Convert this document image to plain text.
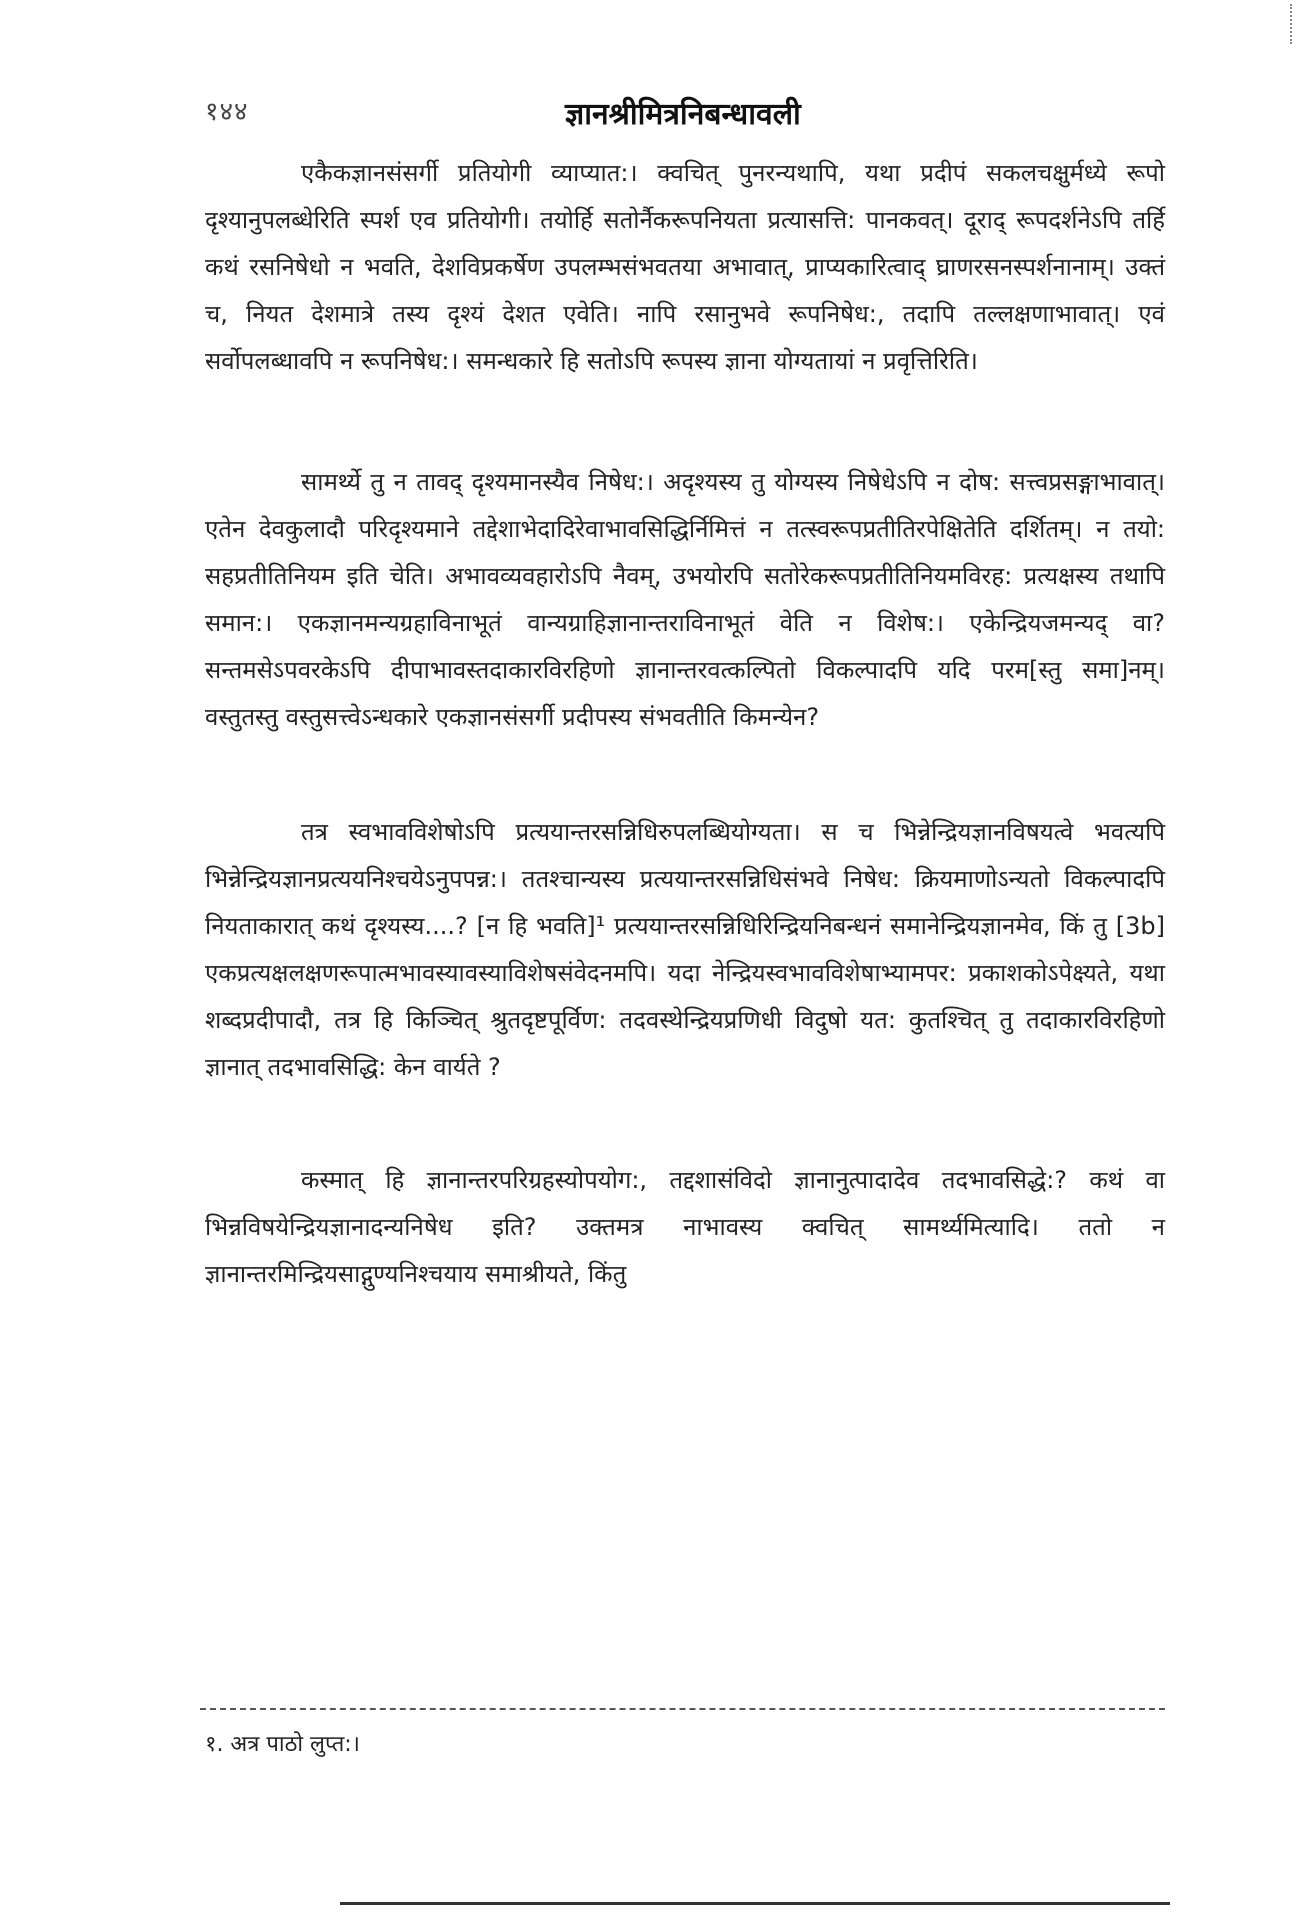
१४४	ज्ञानश्रीमित्रनिबन्धावली

एकैकज्ञानसंसर्गी प्रतियोगी व्याप्यात:। क्वचित् पुनरन्यथापि, यथा प्रदीपं सकलचक्षुर्मध्ये रूपो दृश्यानुपलब्धेरिति स्पर्श एव प्रतियोगी। तयोर्हि सतोर्नैकरूपनियता प्रत्यासत्ति: पानकवत्। दूराद् रूपदर्शनेऽपि तर्हि कथं रसनिषेधो न भवति, देशविप्रकर्षेण उपलम्भसंभवतया अभावात्, प्राप्यकारित्वाद् घ्राणरसनस्पर्शनानाम्। उक्तं च, नियत देशमात्रे तस्य दृश्यं देशत एवेति। नापि रसानुभवे रूपनिषेध:, तदापि तल्लक्षणाभावात्। एवं सर्वोपलब्धावपि न रूपनिषेध:। समन्धकारे हि सतोऽपि रूपस्य ज्ञाना योग्यतायां न प्रवृत्तिरिति।

सामर्थ्ये तु न तावद् दृश्यमानस्यैव निषेध:। अदृश्यस्य तु योग्यस्य निषेधेऽपि न दोष: सत्त्वप्रसङ्गाभावात्। एतेन देवकुलादौ परिदृश्यमाने तद्देशाभेदादिरेवाभावसिद्धिर्निमित्तं न तत्स्वरूपप्रतीतिरपेक्षितेति दर्शितम्। न तयो: सहप्रतीतिनियम इति चेति। अभावव्यवहारोऽपि नैवम्, उभयोरपि सतोरेकरूपप्रतीतिनियमविरह: प्रत्यक्षस्य तथापि समान:। एकज्ञानमन्यग्रहाविनाभूतं वान्यग्राहिज्ञानान्तराविनाभूतं वेति न विशेष:। एकेन्द्रियजमन्यद् वा? सन्तमसेऽपवरकेऽपि दीपाभावस्तदाकारविरहिणो ज्ञानान्तरवत्कल्पितो विकल्पादपि यदि परम[स्तु समा]नम्। वस्तुतस्तु वस्तुसत्त्वेऽन्धकारे एकज्ञानसंसर्गी प्रदीपस्य संभवतीति किमन्येन?

तत्र स्वभावविशेषोऽपि प्रत्ययान्तरसन्निधिरुपलब्धियोग्यता। स च भिन्नेन्द्रियज्ञानविषयत्वे भवत्यपि भिन्नेन्द्रियज्ञानप्रत्ययनिश्चयेऽनुपपन्न:। ततश्चान्यस्य प्रत्ययान्तरसन्निधिसंभवे निषेध: क्रियमाणोऽन्यतो विकल्पादपि नियताकारात् कथं दृश्यस्य....? [न हि भवति]¹ प्रत्ययान्तरसन्निधिरिन्द्रियनिबन्धनं समानेन्द्रियज्ञानमेव, किं तु [3b] एकप्रत्यक्षलक्षणरूपात्मभावस्यावस्याविशेषसंवेदनमपि। यदा नेन्द्रियस्वभावविशेषाभ्यामपर: प्रकाशकोऽपेक्ष्यते, यथा शब्दप्रदीपादौ, तत्र हि किञ्चित् श्रुतदृष्टपूर्विण: तदवस्थेन्द्रियप्रणिधी विदुषो यत: कुतश्चित् तु तदाकारविरहिणो ज्ञानात् तदभावसिद्धि: केन वार्यते ?

कस्मात् हि ज्ञानान्तरपरिग्रहस्योपयोग:, तद्दशासंविदो ज्ञानानुत्पादादेव तदभावसिद्धे:? कथं वा भिन्नविषयेन्द्रियज्ञानादन्यनिषेध इति? उक्तमत्र नाभावस्य क्वचित् सामर्थ्यमित्यादि। ततो न ज्ञानान्तरमिन्द्रियसाद्गुण्यनिश्चयाय समाश्रीयते, किंतु

१. अत्र पाठो लुप्त:।
